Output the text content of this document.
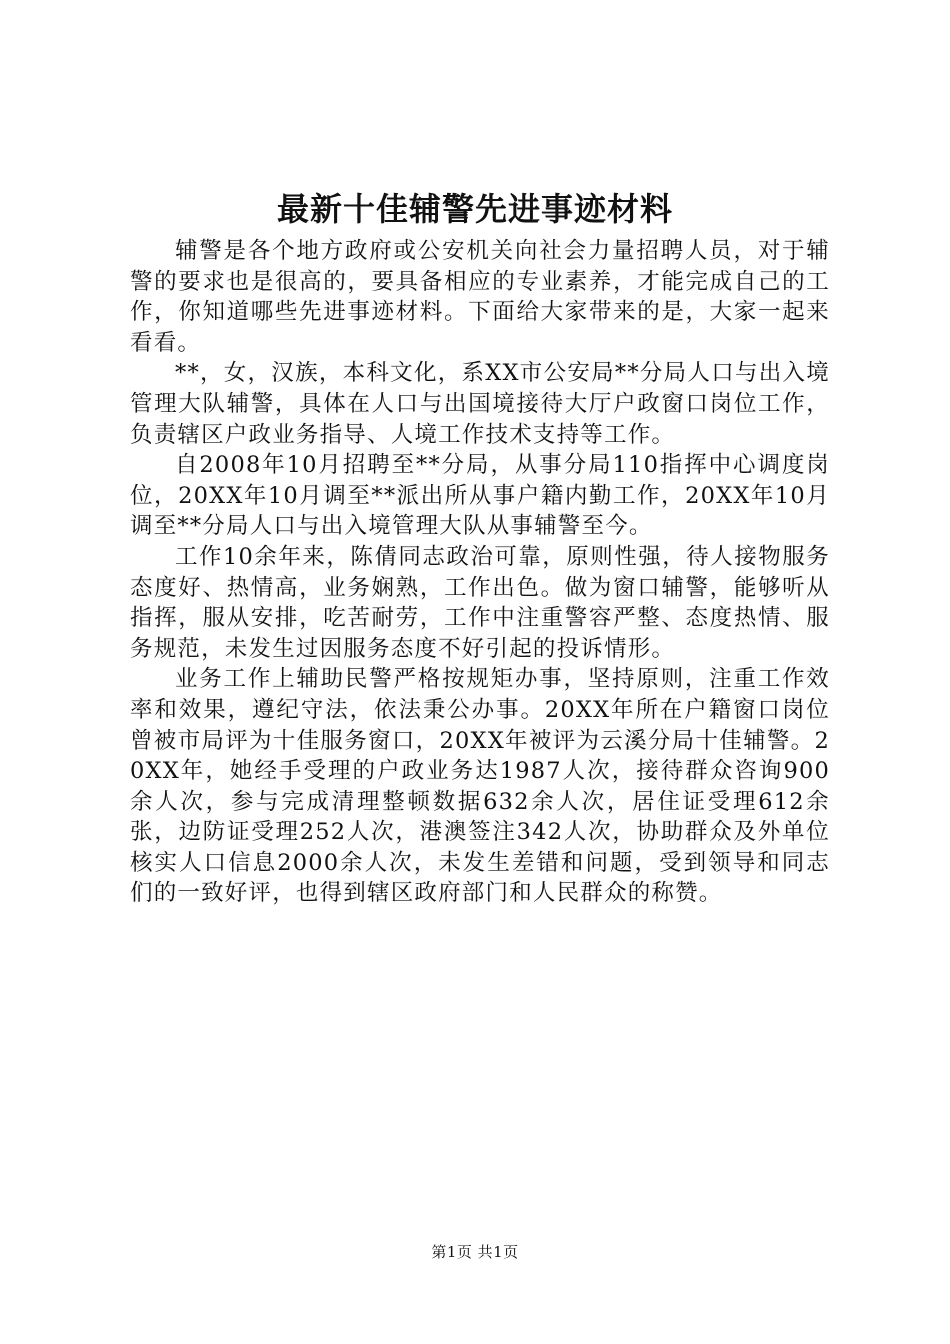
最新十佳辅警先进事迹材料

辅警是各个地方政府或公安机关向社会力量招聘人员，对于辅警的要求也是很高的，要具备相应的专业素养，才能完成自己的工作，你知道哪些先进事迹材料。下面给大家带来的是，大家一起来看看。

**，女，汉族，本科文化，系XX市公安局**分局人口与出入境管理大队辅警，具体在人口与出国境接待大厅户政窗口岗位工作，负责辖区户政业务指导、人境工作技术支持等工作。

自2008年10月招聘至**分局，从事分局110指挥中心调度岗位，20XX年10月调至**派出所从事户籍内勤工作，20XX年10月调至**分局人口与出入境管理大队从事辅警至今。

工作10余年来，陈倩同志政治可靠，原则性强，待人接物服务态度好、热情高，业务娴熟，工作出色。做为窗口辅警，能够听从指挥，服从安排，吃苦耐劳，工作中注重警容严整、态度热情、服务规范，未发生过因服务态度不好引起的投诉情形。

业务工作上辅助民警严格按规矩办事，坚持原则，注重工作效率和效果，遵纪守法，依法秉公办事。20XX年所在户籍窗口岗位曾被市局评为十佳服务窗口，20XX年被评为云溪分局十佳辅警。20XX年，她经手受理的户政业务达1987人次，接待群众咨询900余人次，参与完成清理整顿数据632余人次，居住证受理612余张，边防证受理252人次，港澳签注342人次，协助群众及外单位核实人口信息2000余人次，未发生差错和问题，受到领导和同志们的一致好评，也得到辖区政府部门和人民群众的称赞。

第1页 共1页
